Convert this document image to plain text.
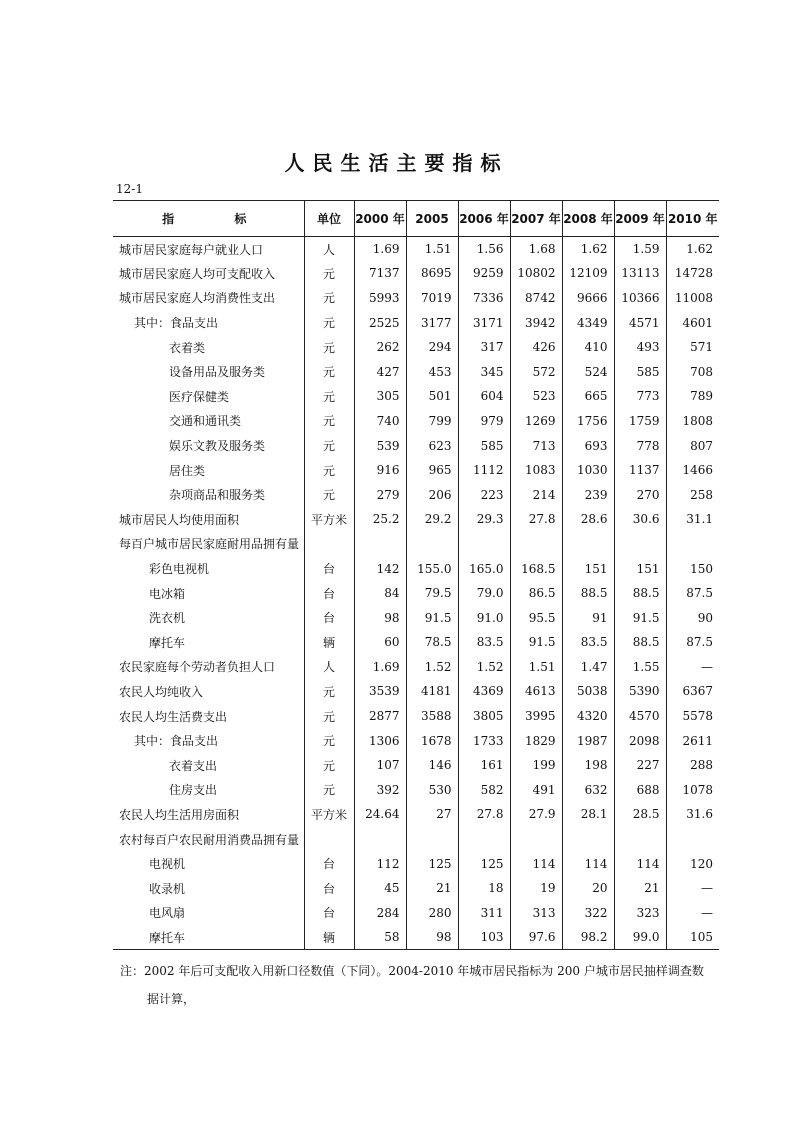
人民生活主要指标
12-1
指 标	单位	2000 年	2005	2006 年	2007 年	2008 年	2009 年	2010 年
城市居民家庭每户就业人口	人	1.69	1.51	1.56	1.68	1.62	1.59	1.62
城市居民家庭人均可支配收入	元	7137	8695	9259	10802	12109	13113	14728
城市居民家庭人均消费性支出	元	5993	7019	7336	8742	9666	10366	11008
其中：食品支出	元	2525	3177	3171	3942	4349	4571	4601
衣着类	元	262	294	317	426	410	493	571
设备用品及服务类	元	427	453	345	572	524	585	708
医疗保健类	元	305	501	604	523	665	773	789
交通和通讯类	元	740	799	979	1269	1756	1759	1808
娱乐文教及服务类	元	539	623	585	713	693	778	807
居住类	元	916	965	1112	1083	1030	1137	1466
杂项商品和服务类	元	279	206	223	214	239	270	258
城市居民人均使用面积	平方米	25.2	29.2	29.3	27.8	28.6	30.6	31.1
每百户城市居民家庭耐用品拥有量								
彩色电视机	台	142	155.0	165.0	168.5	151	151	150
电冰箱	台	84	79.5	79.0	86.5	88.5	88.5	87.5
洗衣机	台	98	91.5	91.0	95.5	91	91.5	90
摩托车	辆	60	78.5	83.5	91.5	83.5	88.5	87.5
农民家庭每个劳动者负担人口	人	1.69	1.52	1.52	1.51	1.47	1.55	—
农民人均纯收入	元	3539	4181	4369	4613	5038	5390	6367
农民人均生活费支出	元	2877	3588	3805	3995	4320	4570	5578
其中：食品支出	元	1306	1678	1733	1829	1987	2098	2611
衣着支出	元	107	146	161	199	198	227	288
住房支出	元	392	530	582	491	632	688	1078
农民人均生活用房面积	平方米	24.64	27	27.8	27.9	28.1	28.5	31.6
农村每百户农民耐用消费品拥有量								
电视机	台	112	125	125	114	114	114	120
收录机	台	45	21	18	19	20	21	—
电风扇	台	284	280	311	313	322	323	—
摩托车	辆	58	98	103	97.6	98.2	99.0	105
注：2002 年后可支配收入用新口径数值（下同）。2004-2010 年城市居民指标为 200 户城市居民抽样调查数
据计算，
